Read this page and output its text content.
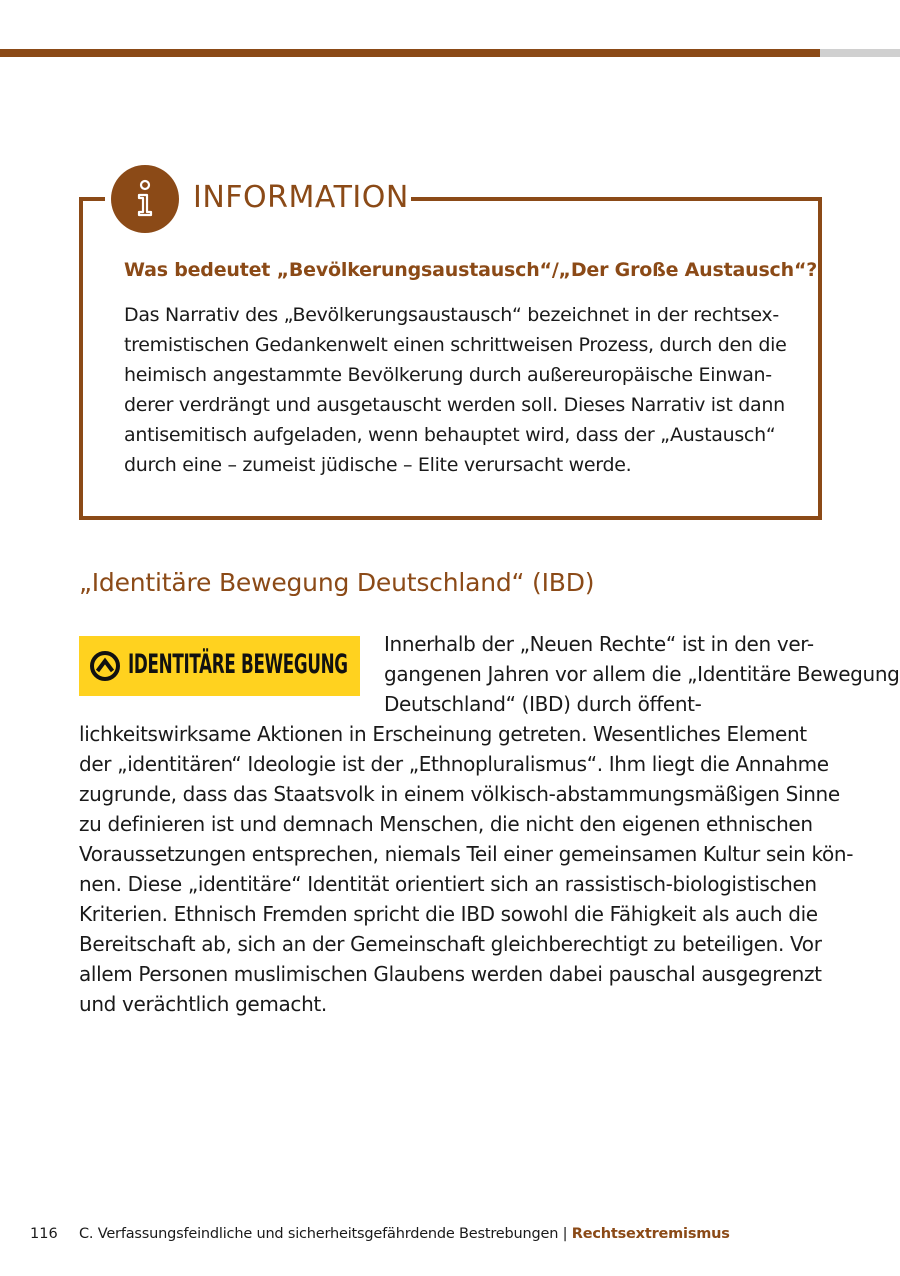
INFORMATION
Was bedeutet „Bevölkerungsaustausch“/„Der Große Austausch“?
Das Narrativ des „Bevölkerungsaustausch“ bezeichnet in der rechtsex-
tremistischen Gedankenwelt einen schrittweisen Prozess, durch den die
heimisch angestammte Bevölkerung durch außereuropäische Einwan-
derer verdrängt und ausgetauscht werden soll. Dieses Narrativ ist dann
antisemitisch aufgeladen, wenn behauptet wird, dass der „Austausch“
durch eine – zumeist jüdische – Elite verursacht werde.
„Identitäre Bewegung Deutschland“ (IBD)
IDENTITÄRE BEWEGUNG
Innerhalb der „Neuen Rechte“ ist in den ver- gangenen Jahren vor allem die „Identitäre Bewegung Deutschland“ (IBD) durch öffent-
lichkeitswirksame Aktionen in Erscheinung getreten. Wesentliches Element
der „identitären“ Ideologie ist der „Ethnopluralismus“. Ihm liegt die Annahme
zugrunde, dass das Staatsvolk in einem völkisch-abstammungsmäßigen Sinne
zu definieren ist und demnach Menschen, die nicht den eigenen ethnischen
Voraussetzungen entsprechen, niemals Teil einer gemeinsamen Kultur sein kön-
nen. Diese „identitäre“ Identität orientiert sich an rassistisch-biologistischen
Kriterien. Ethnisch Fremden spricht die IBD sowohl die Fähigkeit als auch die
Bereitschaft ab, sich an der Gemeinschaft gleichberechtigt zu beteiligen. Vor
allem Personen muslimischen Glaubens werden dabei pauschal ausgegrenzt
und verächtlich gemacht.
116 C. Verfassungsfeindliche und sicherheitsgefährdende Bestrebungen | Rechtsextremismus
